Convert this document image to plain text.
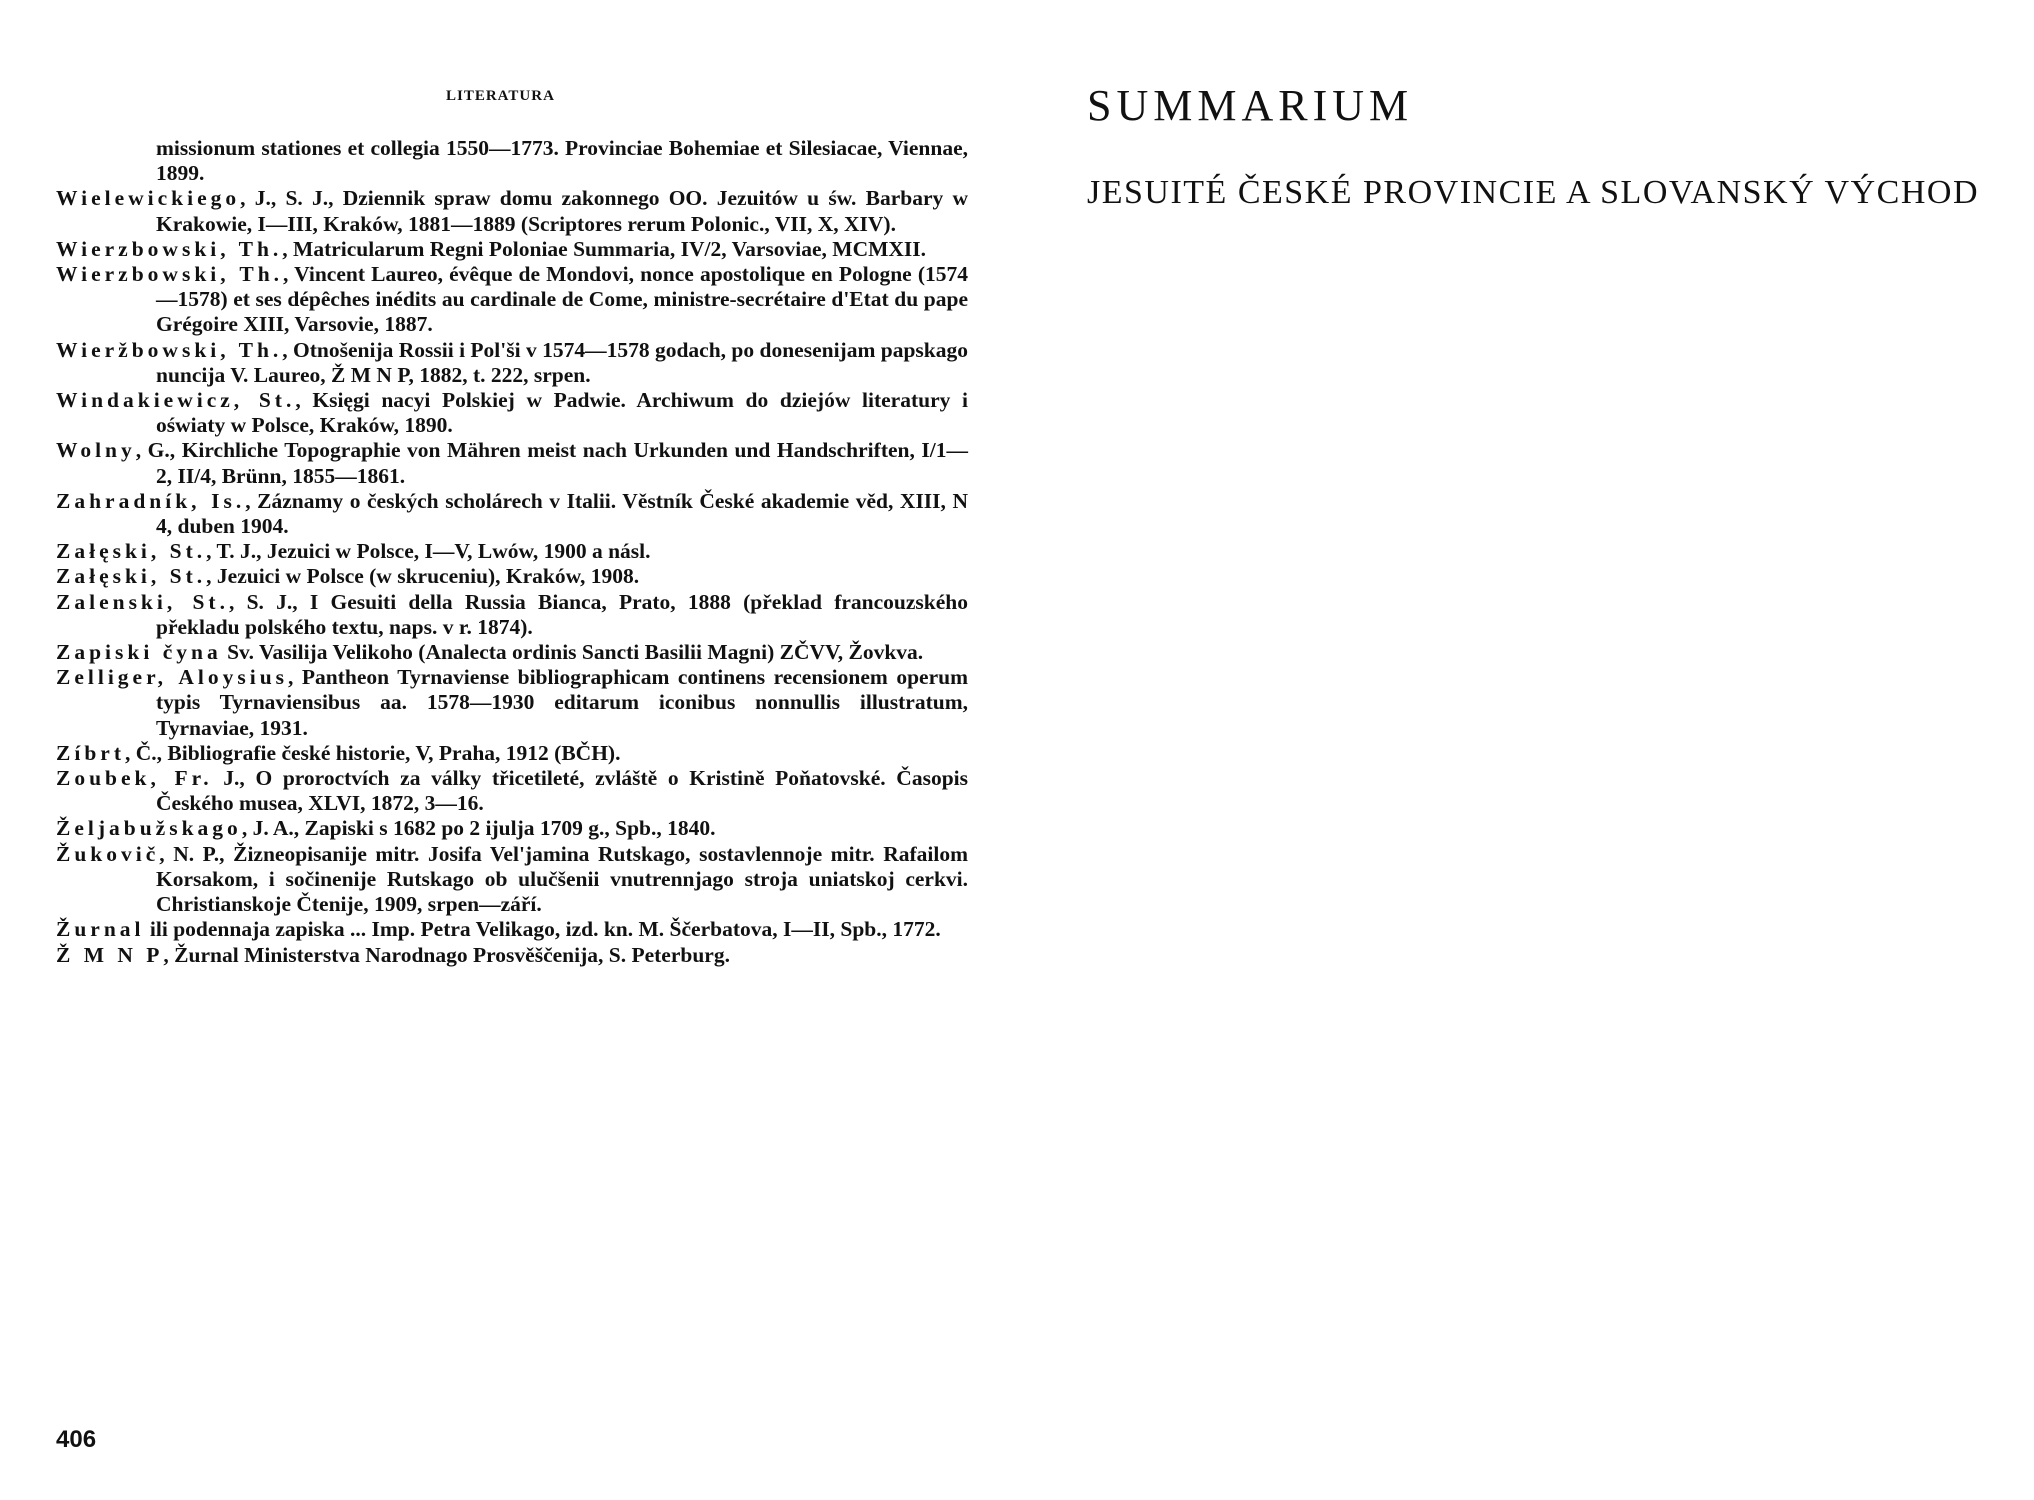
LITERATURA
missionum stationes et collegia 1550—1773. Provinciae Bohemiae et Silesiacae, Viennae, 1899.
Wielewickiego, J., S. J., Dziennik spraw domu zakonnego OO. Jezuitów u św. Barbary w Krakowie, I—III, Kraków, 1881—1889 (Scriptores rerum Polonic., VII, X, XIV).
Wierzbowski, Th., Matricularum Regni Poloniae Summaria, IV/2, Varsoviae, MCMXII.
Wierzbowski, Th., Vincent Laureo, évêque de Mondovi, nonce apostolique en Pologne (1574—1578) et ses dépêches inédits au cardinale de Come, ministre-secrétaire d'Etat du pape Grégoire XIII, Varsovie, 1887.
Wieržbowski, Th., Otnošenija Rossii i Pol'ši v 1574—1578 godach, po donesenijam papskago nuncija V. Laureo, Ž M N P, 1882, t. 222, srpen.
Windakiewicz, St., Księgi nacyi Polskiej w Padwie. Archiwum do dziejów literatury i oświaty w Polsce, Kraków, 1890.
Wolny, G., Kirchliche Topographie von Mähren meist nach Urkunden und Handschriften, I/1—2, II/4, Brünn, 1855—1861.
Zahradník, Is., Záznamy o českých scholárech v Italii. Věstník České akademie věd, XIII, N 4, duben 1904.
Załęski, St., T. J., Jezuici w Polsce, I—V, Lwów, 1900 a násl.
Załęski, St., Jezuici w Polsce (w skruceniu), Kraków, 1908.
Zalenski, St., S. J., I Gesuiti della Russia Bianca, Prato, 1888 (překlad francouzského překladu polského textu, naps. v r. 1874).
Zapiski čyna Sv. Vasilija Velikoho (Analecta ordinis Sancti Basilii Magni) ZČVV, Žovkva.
Zelliger, Aloysius, Pantheon Tyrnaviense bibliographicam continens recensionem operum typis Tyrnaviensibus aa. 1578—1930 editarum iconibus nonnullis illustratum, Tyrnaviae, 1931.
Zíbrt, Č., Bibliografie české historie, V, Praha, 1912 (BČH).
Zoubek, Fr. J., O proroctvích za války třicetileté, zvláště o Kristině Poňatovské. Časopis Českého musea, XLVI, 1872, 3—16.
Željabužskago, J. A., Zapiski s 1682 po 2 ijulja 1709 g., Spb., 1840.
Žukovič, N. P., Žizneopisanije mitr. Josifa Vel'jamina Rutskago, sostavlennoje mitr. Rafailom Korsakom, i sočinenije Rutskago ob ulučšenii vnutrennjago stroja uniatskoj cerkvi. Christianskoje Čtenije, 1909, srpen—září.
Žurnal ili podennaja zapiska ... Imp. Petra Velikago, izd. kn. M. Ščerbatova, I—II, Spb., 1772.
Ž M N P, Žurnal Ministerstva Narodnago Prosvěščenija, S. Peterburg.
406
SUMMARIUM
JESUITÉ ČESKÉ PROVINCIE A SLOVANSKÝ VÝCHOD
